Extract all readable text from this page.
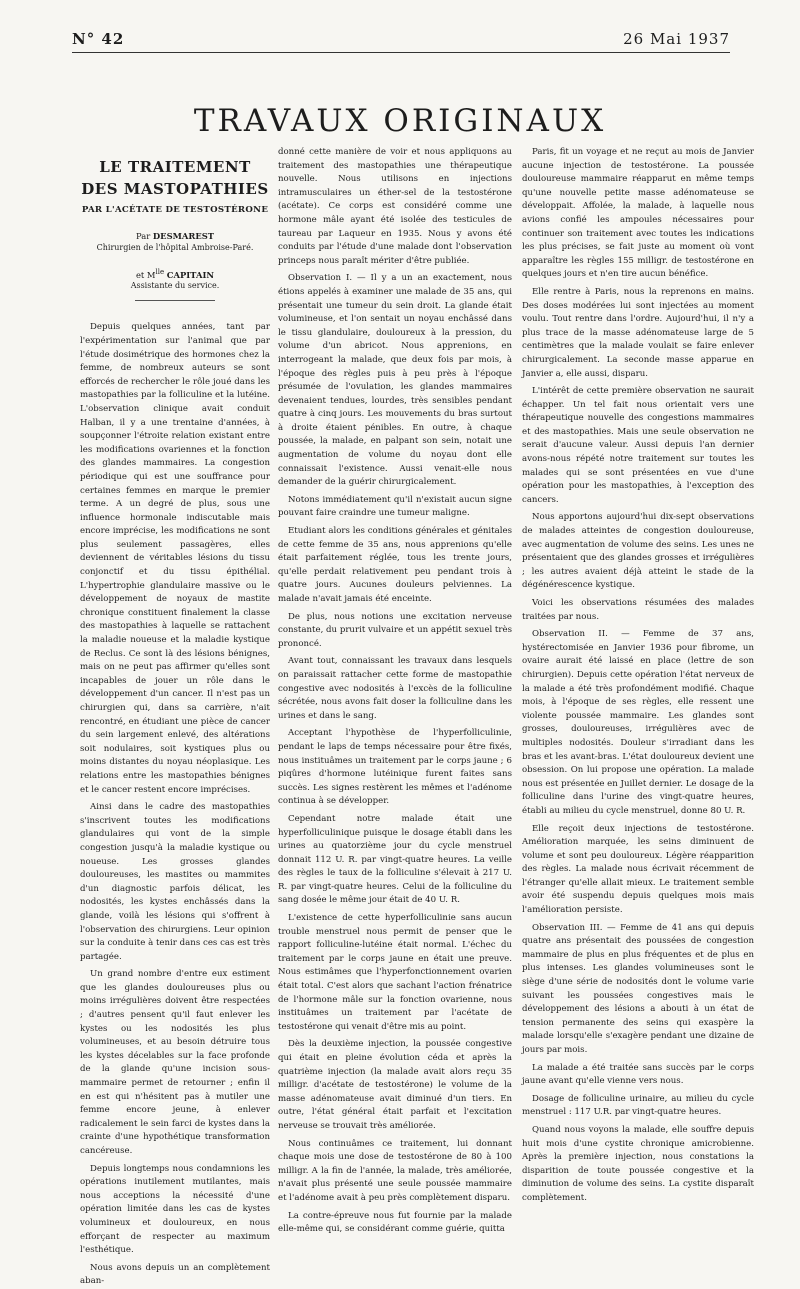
N° 42	26 Mai 1937
TRAVAUX ORIGINAUX
LE TRAITEMENT
DES MASTOPATHIES
PAR L'ACÉTATE DE TESTOSTÉRONE
Par DESMAREST
Chirurgien de l'hôpital Ambroise-Paré.
et $M^{lle}$ CAPITAIN
Assistante du service.

Depuis quelques années, tant par l'expérimentation sur l'animal que par l'étude dosimétrique des hormones chez la femme, de nombreux auteurs se sont efforcés de rechercher le rôle joué dans les mastopathies par la folliculine et la lutéine. L'observation clinique avait conduit Halban, il y a une trentaine d'années, à soupçonner l'étroite relation existant entre les modifications ovariennes et la fonction des glandes mammaires. La congestion périodique qui est une souffrance pour certaines femmes en marque le premier terme. A un degré de plus, sous une influence hormonale indiscutable mais encore imprécise, les modifications ne sont plus seulement passagères, elles deviennent de véritables lésions du tissu conjonctif et du tissu épithélial. L'hypertrophie glandulaire massive ou le développement de noyaux de mastite chronique constituent finalement la classe des mastopathies à laquelle se rattachent la maladie noueuse et la maladie kystique de Reclus. Ce sont là des lésions bénignes, mais on ne peut pas affirmer qu'elles sont incapables de jouer un rôle dans le développement d'un cancer. Il n'est pas un chirurgien qui, dans sa carrière, n'ait rencontré, en étudiant une pièce de cancer du sein largement enlevé, des altérations soit nodulaires, soit kystiques plus ou moins distantes du noyau néoplasique. Les relations entre les mastopathies bénignes et le cancer restent encore imprécises.

Ainsi dans le cadre des mastopathies s'inscrivent toutes les modifications glandulaires qui vont de la simple congestion jusqu'à la maladie kystique ou noueuse. Les grosses glandes douloureuses, les mastites ou mammites d'un diagnostic parfois délicat, les nodosités, les kystes enchâssés dans la glande, voilà les lésions qui s'offrent à l'observation des chirurgiens. Leur opinion sur la conduite à tenir dans ces cas est très partagée.

Un grand nombre d'entre eux estiment que les glandes douloureuses plus ou moins irrégulières doivent être respectées ; d'autres pensent qu'il faut enlever les kystes ou les nodosités les plus volumineuses, et au besoin détruire tous les kystes décelables sur la face profonde de la glande qu'une incision sous-mammaire permet de retourner ; enfin il en est qui n'hésitent pas à mutiler une femme encore jeune, à enlever radicalement le sein farci de kystes dans la crainte d'une hypothétique transformation cancéreuse.

Depuis longtemps nous condamnions les opérations inutilement mutilantes, mais nous acceptions la nécessité d'une opération limitée dans les cas de kystes volumineux et douloureux, en nous efforçant de respecter au maximum l'esthétique.

Nous avons depuis un an complètement aban-

donné cette manière de voir et nous appliquons au traitement des mastopathies une thérapeutique nouvelle. Nous utilisons en injections intramusculaires un éther-sel de la testostérone (acétate). Ce corps est considéré comme une hormone mâle ayant été isolée des testicules de taureau par Laqueur en 1935. Nous y avons été conduits par l'étude d'une malade dont l'observation princeps nous paraît mériter d'être publiée.

Observation I. — Il y a un an exactement, nous étions appelés à examiner une malade de 35 ans, qui présentait une tumeur du sein droit. La glande était volumineuse, et l'on sentait un noyau enchâssé dans le tissu glandulaire, douloureux à la pression, du volume d'un abricot. Nous apprenions, en interrogeant la malade, que deux fois par mois, à l'époque des règles puis à peu près à l'époque présumée de l'ovulation, les glandes mammaires devenaient tendues, lourdes, très sensibles pendant quatre à cinq jours. Les mouvements du bras surtout à droite étaient pénibles. En outre, à chaque poussée, la malade, en palpant son sein, notait une augmentation de volume du noyau dont elle connaissait l'existence. Aussi venait-elle nous demander de la guérir chirurgicalement.

Notons immédiatement qu'il n'existait aucun signe pouvant faire craindre une tumeur maligne.

Etudiant alors les conditions générales et génitales de cette femme de 35 ans, nous apprenions qu'elle était parfaitement réglée, tous les trente jours, qu'elle perdait relativement peu pendant trois à quatre jours. Aucunes douleurs pelviennes. La malade n'avait jamais été enceinte.

De plus, nous notions une excitation nerveuse constante, du prurit vulvaire et un appétit sexuel très prononcé.

Avant tout, connaissant les travaux dans lesquels on paraissait rattacher cette forme de mastopathie congestive avec nodosités à l'excès de la folliculine sécrétée, nous avons fait doser la folliculine dans les urines et dans le sang.

Acceptant l'hypothèse de l'hyperfolliculinie, pendant le laps de temps nécessaire pour être fixés, nous instituâmes un traitement par le corps jaune ; 6 piqûres d'hormone lutéinique furent faites sans succès. Les signes restèrent les mêmes et l'adénome continua à se développer.

Cependant notre malade était une hyperfolliculinique puisque le dosage établi dans les urines au quatorzième jour du cycle menstruel donnait 112 U. R. par vingt-quatre heures. La veille des règles le taux de la folliculine s'élevait à 217 U. R. par vingt-quatre heures. Celui de la folliculine du sang dosée le même jour était de 40 U. R.

L'existence de cette hyperfolliculinie sans aucun trouble menstruel nous permit de penser que le rapport folliculine-lutéine était normal. L'échec du traitement par le corps jaune en était une preuve. Nous estimâmes que l'hyperfonctionnement ovarien était total. C'est alors que sachant l'action frénatrice de l'hormone mâle sur la fonction ovarienne, nous instituâmes un traitement par l'acétate de testostérone qui venait d'être mis au point.

Dès la deuxième injection, la poussée congestive qui était en pleine évolution céda et après la quatrième injection (la malade avait alors reçu 35 milligr. d'acétate de testostérone) le volume de la masse adénomateuse avait diminué d'un tiers. En outre, l'état général était parfait et l'excitation nerveuse se trouvait très améliorée.

Nous continuâmes ce traitement, lui donnant chaque mois une dose de testostérone de 80 à 100 milligr. A la fin de l'année, la malade, très améliorée, n'avait plus présenté une seule poussée mammaire et l'adénome avait à peu près complètement disparu.

La contre-épreuve nous fut fournie par la malade elle-même qui, se considérant comme guérie, quitta

Paris, fit un voyage et ne reçut au mois de Janvier aucune injection de testostérone. La poussée douloureuse mammaire réapparut en même temps qu'une nouvelle petite masse adénomateuse se développait. Affolée, la malade, à laquelle nous avions confié les ampoules nécessaires pour continuer son traitement avec toutes les indications les plus précises, se fait juste au moment où vont apparaître les règles 155 milligr. de testostérone en quelques jours et n'en tire aucun bénéfice.

Elle rentre à Paris, nous la reprenons en mains. Des doses modérées lui sont injectées au moment voulu. Tout rentre dans l'ordre. Aujourd'hui, il n'y a plus trace de la masse adénomateuse large de 5 centimètres que la malade voulait se faire enlever chirurgicalement. La seconde masse apparue en Janvier a, elle aussi, disparu.

L'intérêt de cette première observation ne saurait échapper. Un tel fait nous orientait vers une thérapeutique nouvelle des congestions mammaires et des mastopathies. Mais une seule observation ne serait d'aucune valeur. Aussi depuis l'an dernier avons-nous répété notre traitement sur toutes les malades qui se sont présentées en vue d'une opération pour les mastopathies, à l'exception des cancers.

Nous apportons aujourd'hui dix-sept observations de malades atteintes de congestion douloureuse, avec augmentation de volume des seins. Les unes ne présentaient que des glandes grosses et irrégulières ; les autres avaient déjà atteint le stade de la dégénérescence kystique.

Voici les observations résumées des malades traitées par nous.

Observation II. — Femme de 37 ans, hystérectomisée en Janvier 1936 pour fibrome, un ovaire aurait été laissé en place (lettre de son chirurgien). Depuis cette opération l'état nerveux de la malade a été très profondément modifié. Chaque mois, à l'époque de ses règles, elle ressent une violente poussée mammaire. Les glandes sont grosses, douloureuses, irrégulières avec de multiples nodosités. Douleur s'irradiant dans les bras et les avant-bras. L'état douloureux devient une obsession. On lui propose une opération. La malade nous est présentée en Juillet dernier. Le dosage de la folliculine dans l'urine des vingt-quatre heures, établi au milieu du cycle menstruel, donne 80 U. R.

Elle reçoit deux injections de testostérone. Amélioration marquée, les seins diminuent de volume et sont peu douloureux. Légère réapparition des règles. La malade nous écrivait récemment de l'étranger qu'elle allait mieux. Le traitement semble avoir été suspendu depuis quelques mois mais l'amélioration persiste.

Observation III. — Femme de 41 ans qui depuis quatre ans présentait des poussées de congestion mammaire de plus en plus fréquentes et de plus en plus intenses. Les glandes volumineuses sont le siège d'une série de nodosités dont le volume varie suivant les poussées congestives mais le développement des lésions a abouti à un état de tension permanente des seins qui exaspère la malade lorsqu'elle s'exagère pendant une dizaine de jours par mois.

La malade a été traitée sans succès par le corps jaune avant qu'elle vienne vers nous.

Dosage de folliculine urinaire, au milieu du cycle menstruel : 117 U.R. par vingt-quatre heures.

Quand nous voyons la malade, elle souffre depuis huit mois d'une cystite chronique amicrobienne. Après la première injection, nous constations la disparition de toute poussée congestive et la diminution de volume des seins. La cystite disparaît complètement.
